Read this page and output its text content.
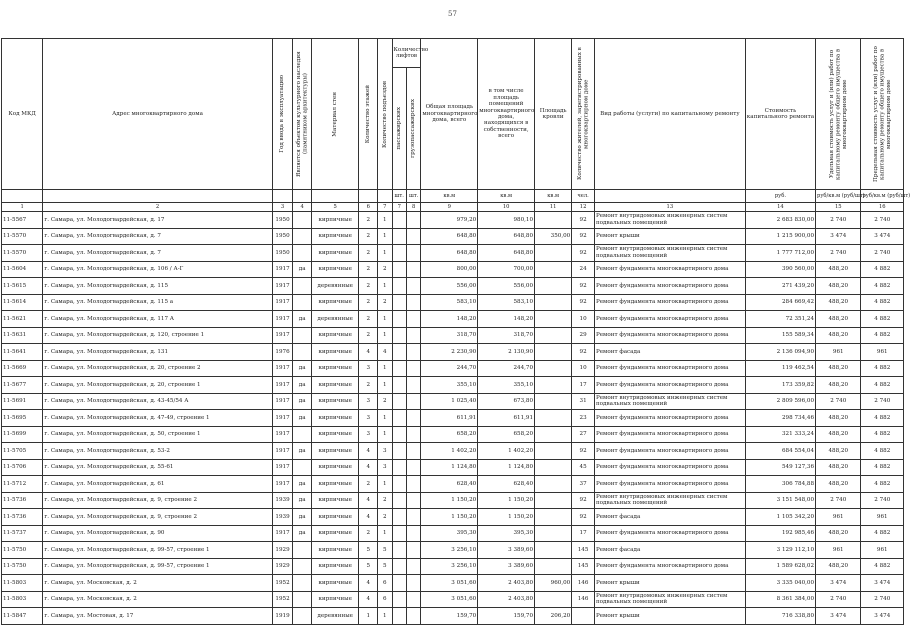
57
Код МКД	Адрес многоквартирного дома	Год ввода в эксплуатацию	Является объектом культурного наследия (памятником архитектуры)	Материал стен	Количество этажей	Количество подъездов	Количество лифтов		Общая площадь многоквартирного дома, всего	в том числе площадь помещений многоквартирного дома, находящихся в собственности, всего	Площадь кровли	Количество жителей, зарегистрированных в многоквартирном доме	Вид работы (услуги) по капитальному ремонту	Стоимость капитального ремонта	Удельная стоимость услуг и (или) работ по капитальному ремонту общего имущества в многоквартирном доме	Предельная стоимость услуг и (или) работ по капитальному ремонту общего имущества в многоквартирном доме

							пассажирских	грузопассажирских								

							шт.	шт.	кв.м	кв.м	кв.м	чел.		руб.	руб/кв.м (руб/шт)	руб/кв.м (руб/шт)
1	2	3	4	5	6	7	7	8	9	10	11	12	13	14	15	16
11-5567	г. Самара, ул. Молодогвардейская, д. 17	1950		кирпичные	2	1			979,20	980,10		92	Ремонт внутридомовых инженерных систем подвальных помещений	2 683 830,00	2 740	2 740
11-5570	г. Самара, ул. Молодогвардейская, д. 7	1950		кирпичные	2	1			648,80	648,80	350,00	92	Ремонт крыши	1 215 900,00	3 474	3 474
11-5570	г. Самара, ул. Молодогвардейская, д. 7	1950		кирпичные	2	1			648,80	648,80		92	Ремонт внутридомовых инженерных систем подвальных помещений	1 777 712,00	2 740	2 740
11-5604	г. Самара, ул. Молодогвардейская, д. 106 / А-Г	1917	да	кирпичные	2	2			800,00	700,00		24	Ремонт фундамента многоквартирного дома	390 560,00	488,20	4 882
11-5615	г. Самара, ул. Молодогвардейская, д. 115	1917		деревянные	2	1			556,00	556,00		92	Ремонт фундамента многоквартирного дома	271 439,20	488,20	4 882
11-5614	г. Самара, ул. Молодогвардейская, д. 115 а	1917		кирпичные	2	2			583,10	583,10		92	Ремонт фундамента многоквартирного дома	284 669,42	488,20	4 882
11-5621	г. Самара, ул. Молодогвардейская, д. 117 А	1917	да	деревянные	2	1			148,20	148,20		10	Ремонт фундамента многоквартирного дома	72 351,24	488,20	4 882
11-5631	г. Самара, ул. Молодогвардейская, д. 120, строение 1	1917		кирпичные	2	1			318,70	318,70		29	Ремонт фундамента многоквартирного дома	155 589,34	488,20	4 882
11-5641	г. Самара, ул. Молодогвардейская, д. 131	1976		кирпичные	4	4			2 230,90	2 130,90		92	Ремонт фасада	2 136 094,90	961	961
11-5669	г. Самара, ул. Молодогвардейская, д. 20, строение 2	1917	да	кирпичные	3	1			244,70	244,70		10	Ремонт фундамента многоквартирного дома	119 462,54	488,20	4 882
11-5677	г. Самара, ул. Молодогвардейская, д. 20, строение 1	1917	да	кирпичные	2	1			355,10	355,10		17	Ремонт фундамента многоквартирного дома	173 359,82	488,20	4 882
11-5691	г. Самара, ул. Молодогвардейская, д. 43-45/54 А	1917	да	кирпичные	3	2			1 025,40	673,80		31	Ремонт внутридомовых инженерных систем подвальных помещений	2 809 596,00	2 740	2 740
11-5695	г. Самара, ул. Молодогвардейская, д. 47-49, строение 1	1917	да	кирпичные	3	1			611,91	611,91		23	Ремонт фундамента многоквартирного дома	298 734,46	488,20	4 882
11-5699	г. Самара, ул. Молодогвардейская, д. 50, строение 1	1917		кирпичные	3	1			658,20	658,20		27	Ремонт фундамента многоквартирного дома	321 333,24	488,20	4 882
11-5705	г. Самара, ул. Молодогвардейская, д. 53-2	1917	да	кирпичные	4	3			1 402,20	1 402,20		92	Ремонт фундамента многоквартирного дома	684 554,04	488,20	4 882
11-5706	г. Самара, ул. Молодогвардейская, д. 55-61	1917		кирпичные	4	3			1 124,80	1 124,80		45	Ремонт фундамента многоквартирного дома	549 127,36	488,20	4 882
11-5712	г. Самара, ул. Молодогвардейская, д. 61	1917	да	кирпичные	2	1			628,40	628,40		37	Ремонт фундамента многоквартирного дома	306 784,88	488,20	4 882
11-5736	г. Самара, ул. Молодогвардейская, д. 9, строение 2	1939	да	кирпичные	4	2			1 150,20	1 150,20		92	Ремонт внутридомовых инженерных систем подвальных помещений	3 151 548,00	2 740	2 740
11-5736	г. Самара, ул. Молодогвардейская, д. 9, строение 2	1939	да	кирпичные	4	2			1 150,20	1 150,20		92	Ремонт фасада	1 105 342,20	961	961
11-5737	г. Самара, ул. Молодогвардейская, д. 90	1917	да	кирпичные	2	1			395,30	395,30		17	Ремонт фундамента многоквартирного дома	192 985,46	488,20	4 882
11-5750	г. Самара, ул. Молодогвардейская, д. 99-57, строение 1	1929		кирпичные	5	5			3 256,10	3 389,60		145	Ремонт фасада	3 129 112,10	961	961
11-5750	г. Самара, ул. Молодогвардейская, д. 99-57, строение 1	1929		кирпичные	5	5			3 256,10	3 389,60		145	Ремонт фундамента многоквартирного дома	1 589 628,02	488,20	4 882
11-5803	г. Самара, ул. Московская, д. 2	1952		кирпичные	4	6			3 051,60	2 403,80	960,00	146	Ремонт крыши	3 335 040,00	3 474	3 474
11-5803	г. Самара, ул. Московская, д. 2	1952		кирпичные	4	6			3 051,60	2 403,80		146	Ремонт внутридомовых инженерных систем подвальных помещений	8 361 384,00	2 740	2 740
11-5847	г. Самара, ул. Мостовая, д. 17	1919		деревянные	1	1			159,70	159,70	206,20		Ремонт крыши	716 338,80	3 474	3 474
